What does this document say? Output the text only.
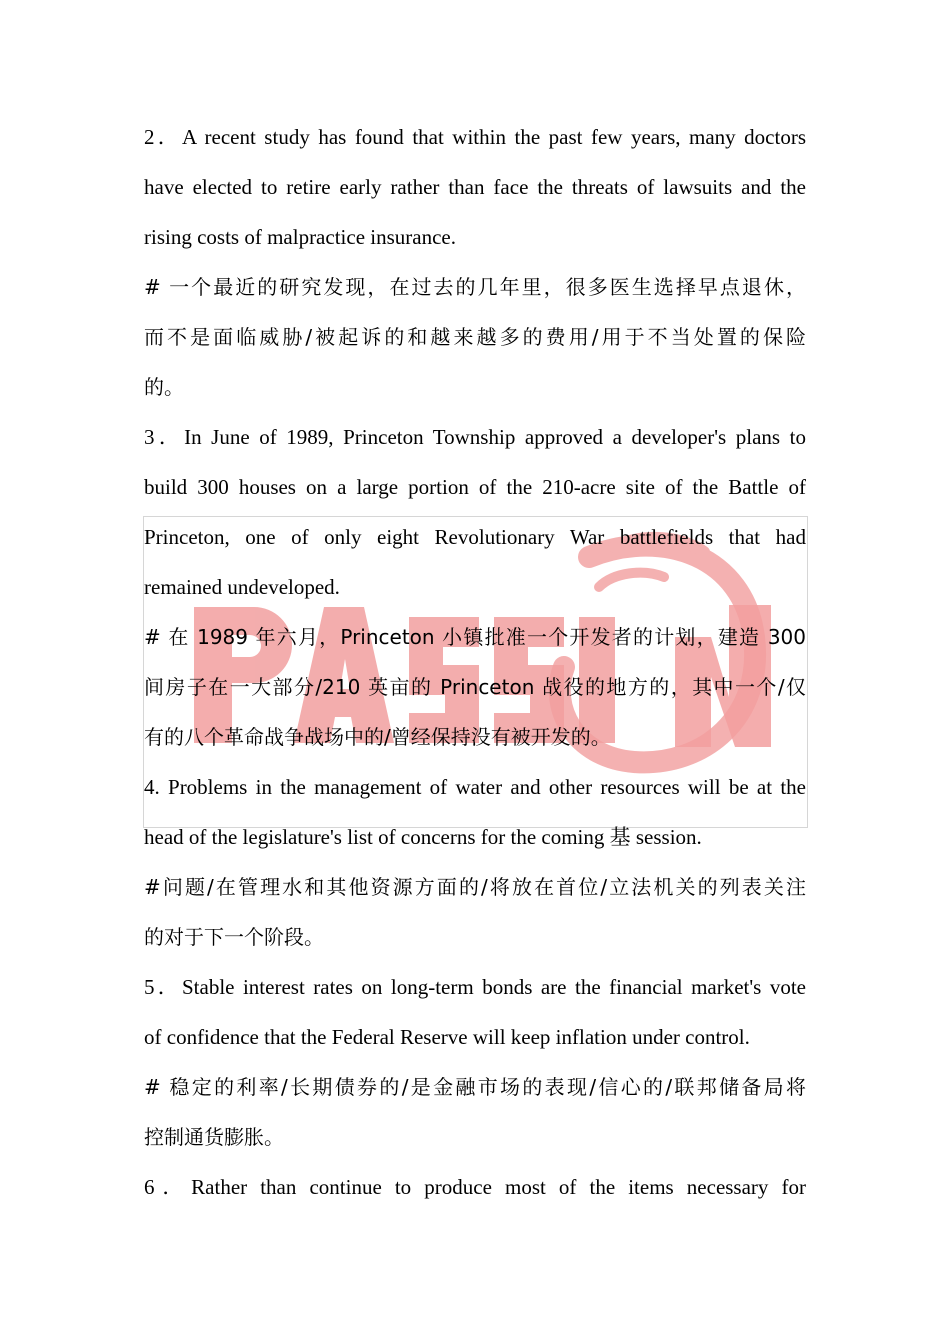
2．A recent study has found that within the past few years, many doctors
have elected to retire early rather than face the threats of lawsuits and the
rising costs of malpractice insurance.
# 一个最近的研究发现，在过去的几年里，很多医生选择早点退休，
而不是面临威胁/被起诉的和越来越多的费用/用于不当处置的保险
的。
3．In June of 1989, Princeton Township approved a developer's plans to
build 300 houses on a large portion of the 210-acre site of the Battle of
Princeton, one of only eight Revolutionary War battlefields that had
remained undeveloped.
# 在 1989 年六月，Princeton 小镇批准一个开发者的计划，建造 300
间房子在一大部分/210 英亩的 Princeton 战役的地方的，其中一个/仅
有的八个革命战争战场中的/曾经保持没有被开发的。
4. Problems in the management of water and other resources will be at the
head of the legislature's list of concerns for the coming 基 session.
#问题/在管理水和其他资源方面的/将放在首位/立法机关的列表关注
的对于下一个阶段。
5．Stable interest rates on long-term bonds are the financial market's vote
of confidence that the Federal Reserve will keep inflation under control.
# 稳定的利率/长期债券的/是金融市场的表现/信心的/联邦储备局将
控制通货膨胀。
6．Rather than continue to produce most of the items necessary for
